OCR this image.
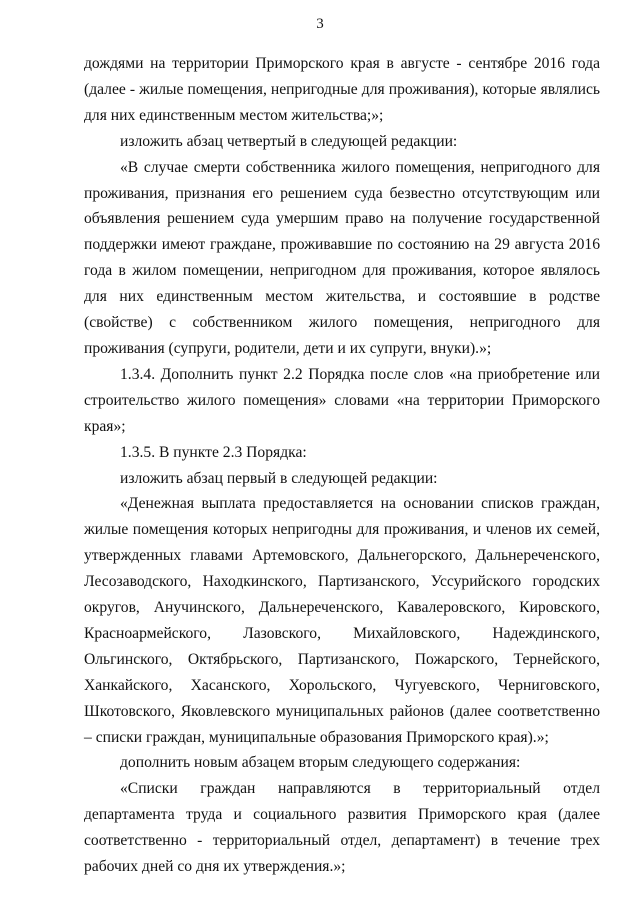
3

дождями на территории Приморского края в августе - сентябре 2016 года (далее - жилые помещения, непригодные для проживания), которые являлись для них единственным местом жительства;»;

изложить абзац четвертый в следующей редакции:

«В случае смерти собственника жилого помещения, непригодного для проживания, признания его решением суда безвестно отсутствующим или объявления решением суда умершим право на получение государственной поддержки имеют граждане, проживавшие по состоянию на 29 августа 2016 года в жилом помещении, непригодном для проживания, которое являлось для них единственным местом жительства, и состоявшие в родстве (свойстве) с собственником жилого помещения, непригодного для проживания (супруги, родители, дети и их супруги, внуки).»;

1.3.4. Дополнить пункт 2.2 Порядка после слов «на приобретение или строительство жилого помещения» словами «на территории Приморского края»;

1.3.5. В пункте 2.3 Порядка:

изложить абзац первый в следующей редакции:

«Денежная выплата предоставляется на основании списков граждан, жилые помещения которых непригодны для проживания, и членов их семей, утвержденных главами Артемовского, Дальнегорского, Дальнереченского, Лесозаводского, Находкинского, Партизанского, Уссурийского городских округов, Анучинского, Дальнереченского, Кавалеровского, Кировского, Красноармейского, Лазовского, Михайловского, Надеждинского, Ольгинского, Октябрьского, Партизанского, Пожарского, Тернейского, Ханкайского, Хасанского, Хорольского, Чугуевского, Черниговского, Шкотовского, Яковлевского муниципальных районов (далее соответственно – списки граждан, муниципальные образования Приморского края).»;

дополнить новым абзацем вторым следующего содержания:

«Списки граждан направляются в территориальный отдел департамента труда и социального развития Приморского края (далее соответственно - территориальный отдел, департамент) в течение трех рабочих дней со дня их утверждения.»;
